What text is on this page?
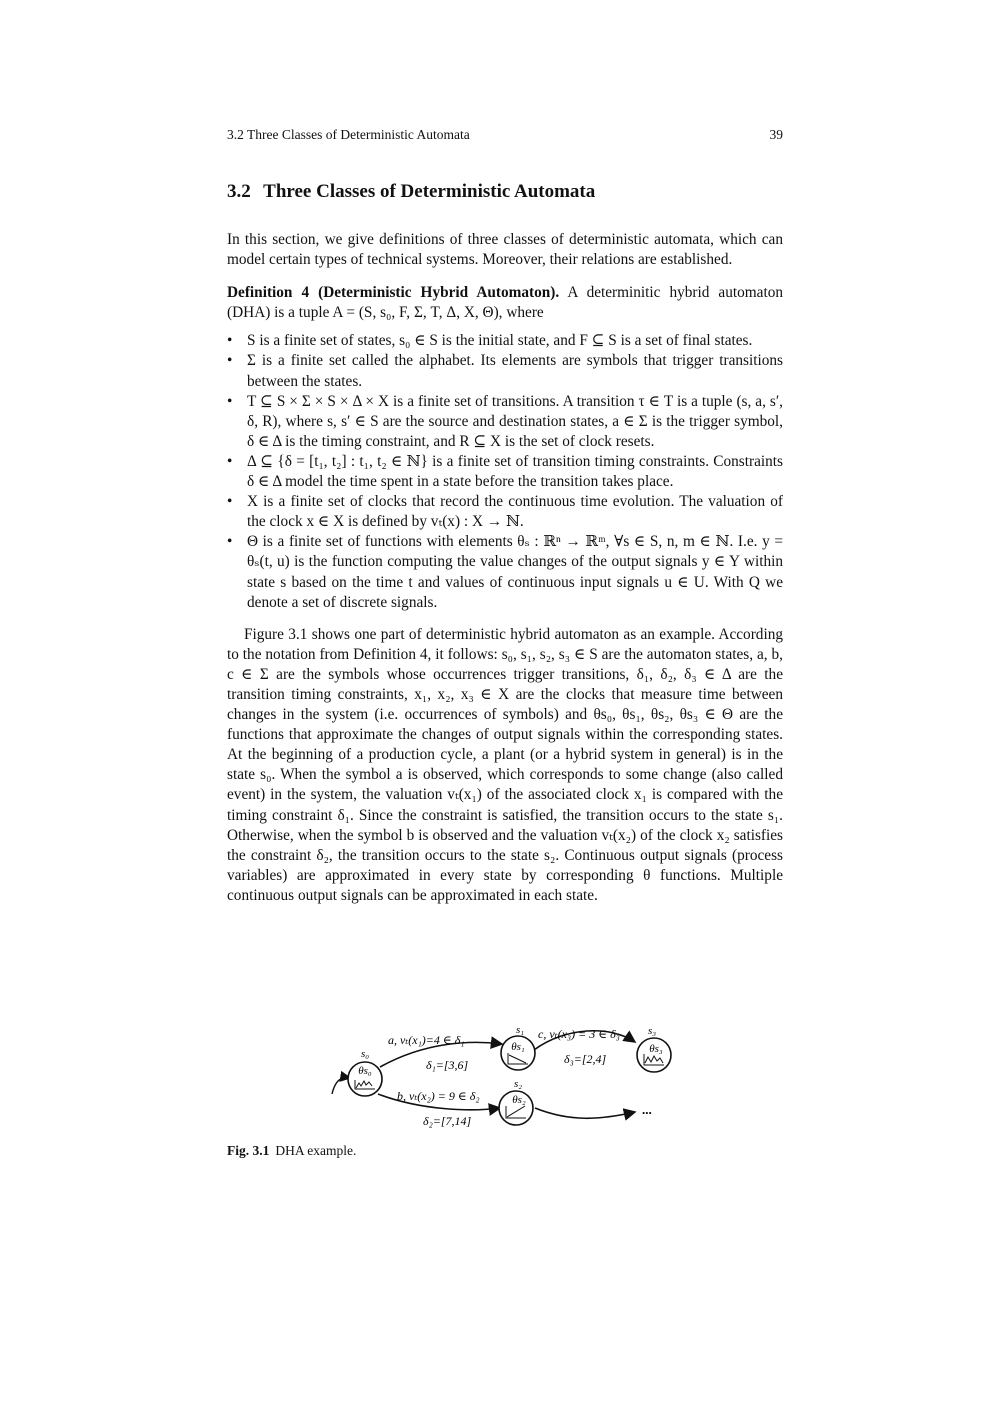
3.2 Three Classes of Deterministic Automata	39
3.2 Three Classes of Deterministic Automata

In this section, we give definitions of three classes of deterministic automata, which can model certain types of technical systems. Moreover, their relations are established.

Definition 4 (Deterministic Hybrid Automaton). A determinitic hybrid automaton (DHA) is a tuple A = (S, s₀, F, Σ, T, Δ, X, Θ), where

• S is a finite set of states, s₀ ∈ S is the initial state, and F ⊆ S is a set of final states.
• Σ is a finite set called the alphabet. Its elements are symbols that trigger transitions between the states.
• T ⊆ S × Σ × S × Δ × X is a finite set of transitions. A transition τ ∈ T is a tuple (s, a, s′, δ, R), where s, s′ ∈ S are the source and destination states, a ∈ Σ is the trigger symbol, δ ∈ Δ is the timing constraint, and R ⊆ X is the set of clock resets.
• Δ ⊆ {δ = [t₁, t₂] : t₁, t₂ ∈ ℕ} is a finite set of transition timing constraints. Constraints δ ∈ Δ model the time spent in a state before the transition takes place.
• X is a finite set of clocks that record the continuous time evolution. The valuation of the clock x ∈ X is defined by vₜ(x) : X → ℕ.
• Θ is a finite set of functions with elements θₛ : ℝⁿ → ℝᵐ, ∀s ∈ S, n, m ∈ ℕ. I.e. y = θₛ(t, u) is the function computing the value changes of the output signals y ∈ Y within state s based on the time t and values of continuous input signals u ∈ U. With Q we denote a set of discrete signals.

Figure 3.1 shows one part of deterministic hybrid automaton as an example. According to the notation from Definition 4, it follows: s₀, s₁, s₂, s₃ ∈ S are the automaton states, a, b, c ∈ Σ are the symbols whose occurrences trigger transitions, δ₁, δ₂, δ₃ ∈ Δ are the transition timing constraints, x₁, x₂, x₃ ∈ X are the clocks that measure time between changes in the system (i.e. occurrences of symbols) and θs₀, θs₁, θs₂, θs₃ ∈ Θ are the functions that approximate the changes of output signals within the corresponding states. At the beginning of a production cycle, a plant (or a hybrid system in general) is in the state s₀. When the symbol a is observed, which corresponds to some change (also called event) in the system, the valuation vₜ(x₁) of the associated clock x₁ is compared with the timing constraint δ₁. Since the constraint is satisfied, the transition occurs to the state s₁. Otherwise, when the symbol b is observed and the valuation vₜ(x₂) of the clock x₂ satisfies the constraint δ₂, the transition occurs to the state s₂. Continuous output signals (process variables) are approximated in every state by corresponding θ functions. Multiple continuous output signals can be approximated in each state.

θs₀
s₀
θs₁
s₁
θs₂
s₂
θs₃
s₃
a, vₜ(x₁)=4 ∈ δ₁
δ₁=[3,6]
b, vₜ(x₂) = 9 ∈ δ₂
δ₂=[7,14]
c, vₜ(x₃) = 3 ∈ δ₃
δ₃=[2,4]
...
Fig. 3.1 DHA example.
